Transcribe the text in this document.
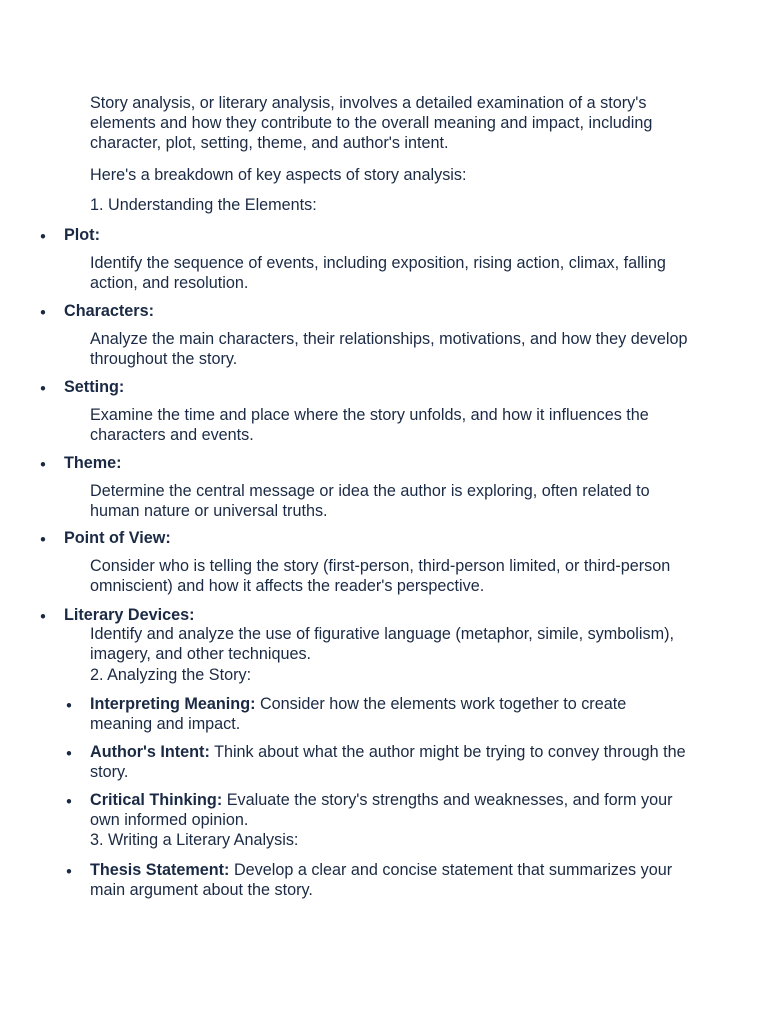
Story analysis, or literary analysis, involves a detailed examination of a story's elements and how they contribute to the overall meaning and impact, including character, plot, setting, theme, and author's intent.

Here's a breakdown of key aspects of story analysis:

1. Understanding the Elements:

• Plot:

Identify the sequence of events, including exposition, rising action, climax, falling action, and resolution.

• Characters:

Analyze the main characters, their relationships, motivations, and how they develop throughout the story.

• Setting:

Examine the time and place where the story unfolds, and how it influences the characters and events.

• Theme:

Determine the central message or idea the author is exploring, often related to human nature or universal truths.

• Point of View:

Consider who is telling the story (first-person, third-person limited, or third-person omniscient) and how it affects the reader's perspective.

• Literary Devices:

Identify and analyze the use of figurative language (metaphor, simile, symbolism), imagery, and other techniques.

2. Analyzing the Story:

• Interpreting Meaning: Consider how the elements work together to create meaning and impact.

• Author's Intent: Think about what the author might be trying to convey through the story.

• Critical Thinking: Evaluate the story's strengths and weaknesses, and form your own informed opinion.

3. Writing a Literary Analysis:

• Thesis Statement: Develop a clear and concise statement that summarizes your main argument about the story.
